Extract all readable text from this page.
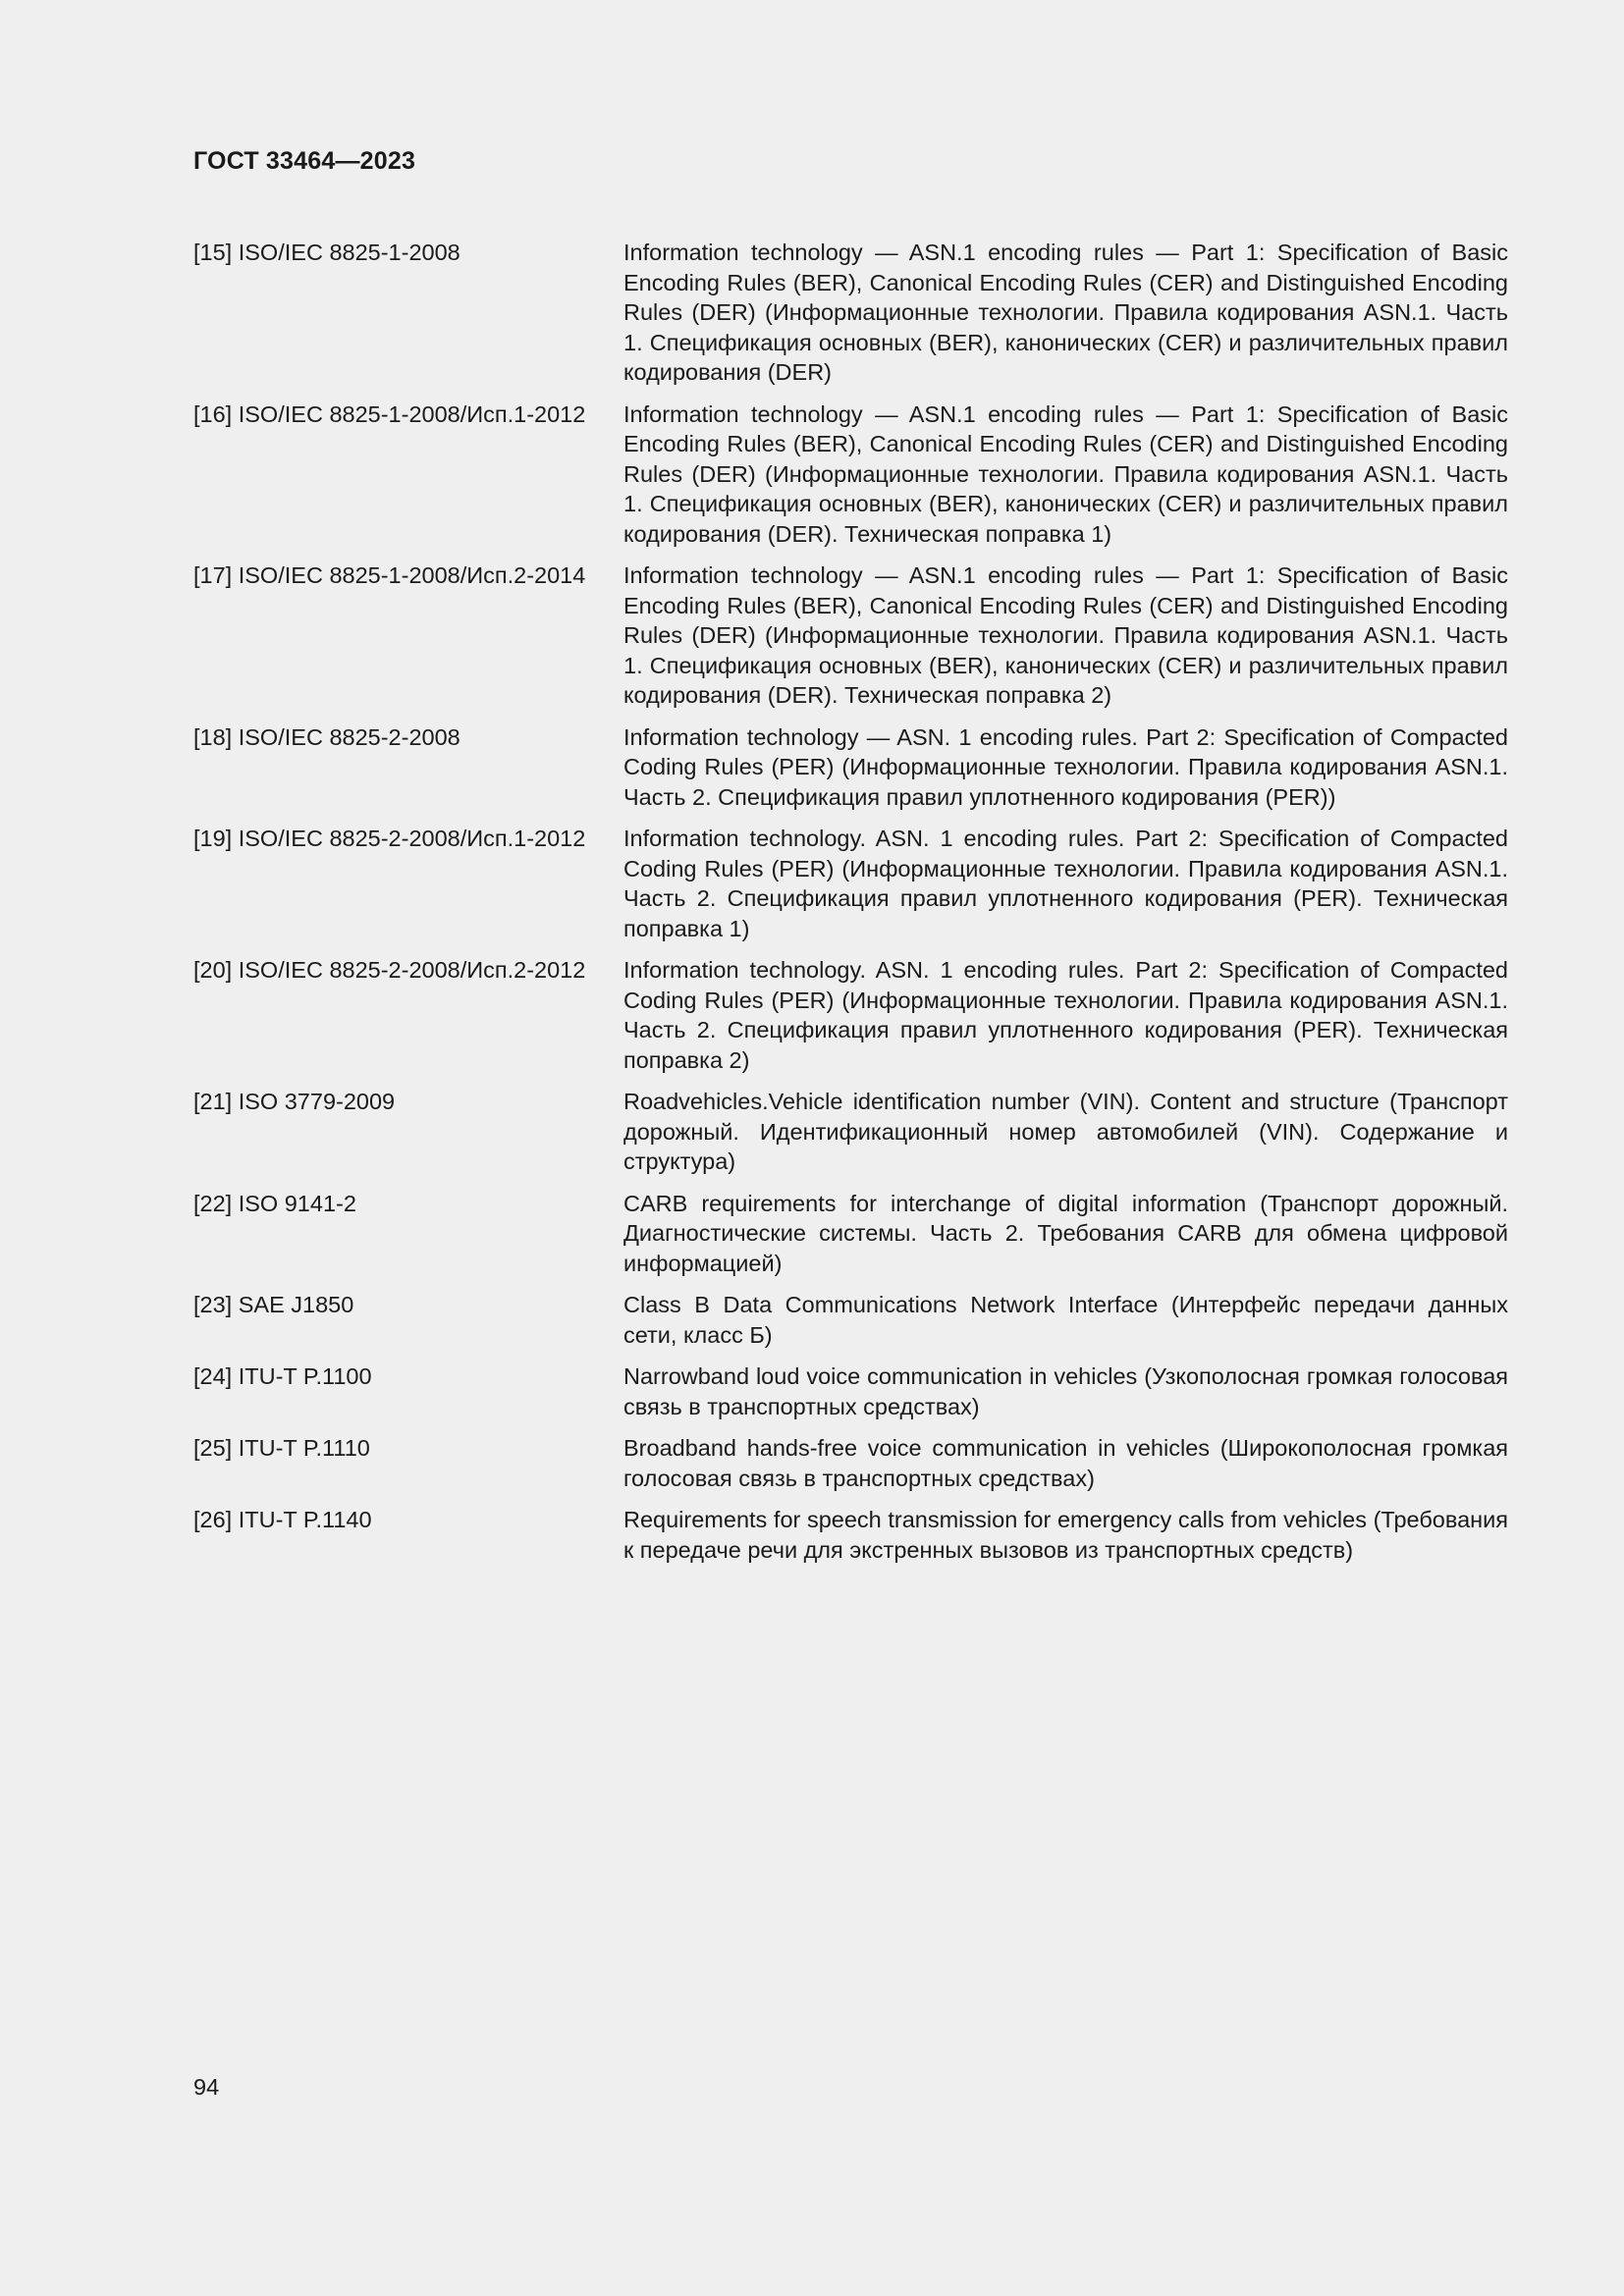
ГОСТ 33464—2023
[15] ISO/IEC 8825-1-2008	Information technology — ASN.1 encoding rules — Part 1: Specification of Basic Encoding Rules (BER), Canonical Encoding Rules (CER) and Distinguished Encoding Rules (DER) (Информационные технологии. Правила кодирования ASN.1. Часть 1. Спецификация основных (BER), канонических (CER) и различительных правил кодирования (DER)
[16] ISO/IEC 8825-1-2008/Исп.1-2012	Information technology — ASN.1 encoding rules — Part 1: Specification of Basic Encoding Rules (BER), Canonical Encoding Rules (CER) and Distinguished Encoding Rules (DER) (Информационные технологии. Правила кодирования ASN.1. Часть 1. Спецификация основных (BER), канонических (CER) и различительных правил кодирования (DER). Техническая поправка 1)
[17] ISO/IEC 8825-1-2008/Исп.2-2014	Information technology — ASN.1 encoding rules — Part 1: Specification of Basic Encoding Rules (BER), Canonical Encoding Rules (CER) and Distinguished Encoding Rules (DER) (Информационные технологии. Правила кодирования ASN.1. Часть 1. Спецификация основных (BER), канонических (CER) и различительных правил кодирования (DER). Техническая поправка 2)
[18] ISO/IEC 8825-2-2008	Information technology — ASN. 1 encoding rules. Part 2: Specification of Compacted Coding Rules (PER) (Информационные технологии. Правила кодирования ASN.1. Часть 2. Спецификация правил уплотненного кодирования (PER))
[19] ISO/IEC 8825-2-2008/Исп.1-2012	Information technology. ASN. 1 encoding rules. Part 2: Specification of Compacted Coding Rules (PER) (Информационные технологии. Правила кодирования ASN.1. Часть 2. Спецификация правил уплотненного кодирования (PER). Техническая поправка 1)
[20] ISO/IEC 8825-2-2008/Исп.2-2012	Information technology. ASN. 1 encoding rules. Part 2: Specification of Compacted Coding Rules (PER) (Информационные технологии. Правила кодирования ASN.1. Часть 2. Спецификация правил уплотненного кодирования (PER). Техническая поправка 2)
[21] ISO 3779-2009	Roadvehicles.Vehicle identification number (VIN). Content and structure (Транспорт дорожный. Идентификационный номер автомобилей (VIN). Содержание и структура)
[22] ISO 9141-2	CARB requirements for interchange of digital information (Транспорт дорожный. Диагностические системы. Часть 2. Требования CARB для обмена цифровой информацией)
[23] SAE J1850	Class B Data Communications Network Interface (Интерфейс передачи данных сети, класс Б)
[24] ITU-T P.1100	Narrowband loud voice communication in vehicles (Узкополосная громкая голосовая связь в транспортных средствах)
[25] ITU-T P.1110	Broadband hands-free voice communication in vehicles (Широкополосная громкая голосовая связь в транспортных средствах)
[26] ITU-T P.1140	Requirements for speech transmission for emergency calls from vehicles (Требования к передаче речи для экстренных вызовов из транспортных средств)
94
